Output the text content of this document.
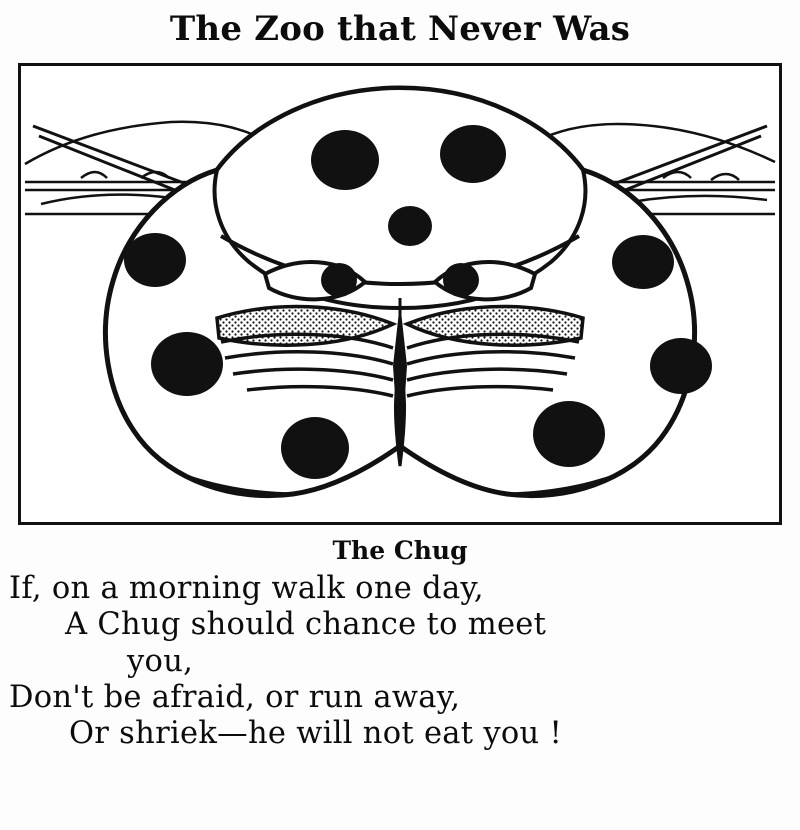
The Zoo that Never Was
The Chug
If, on a morning walk one day,
A Chug should chance to meet
you,
Don't be afraid, or run away,
Or shriek—he will not eat you !
